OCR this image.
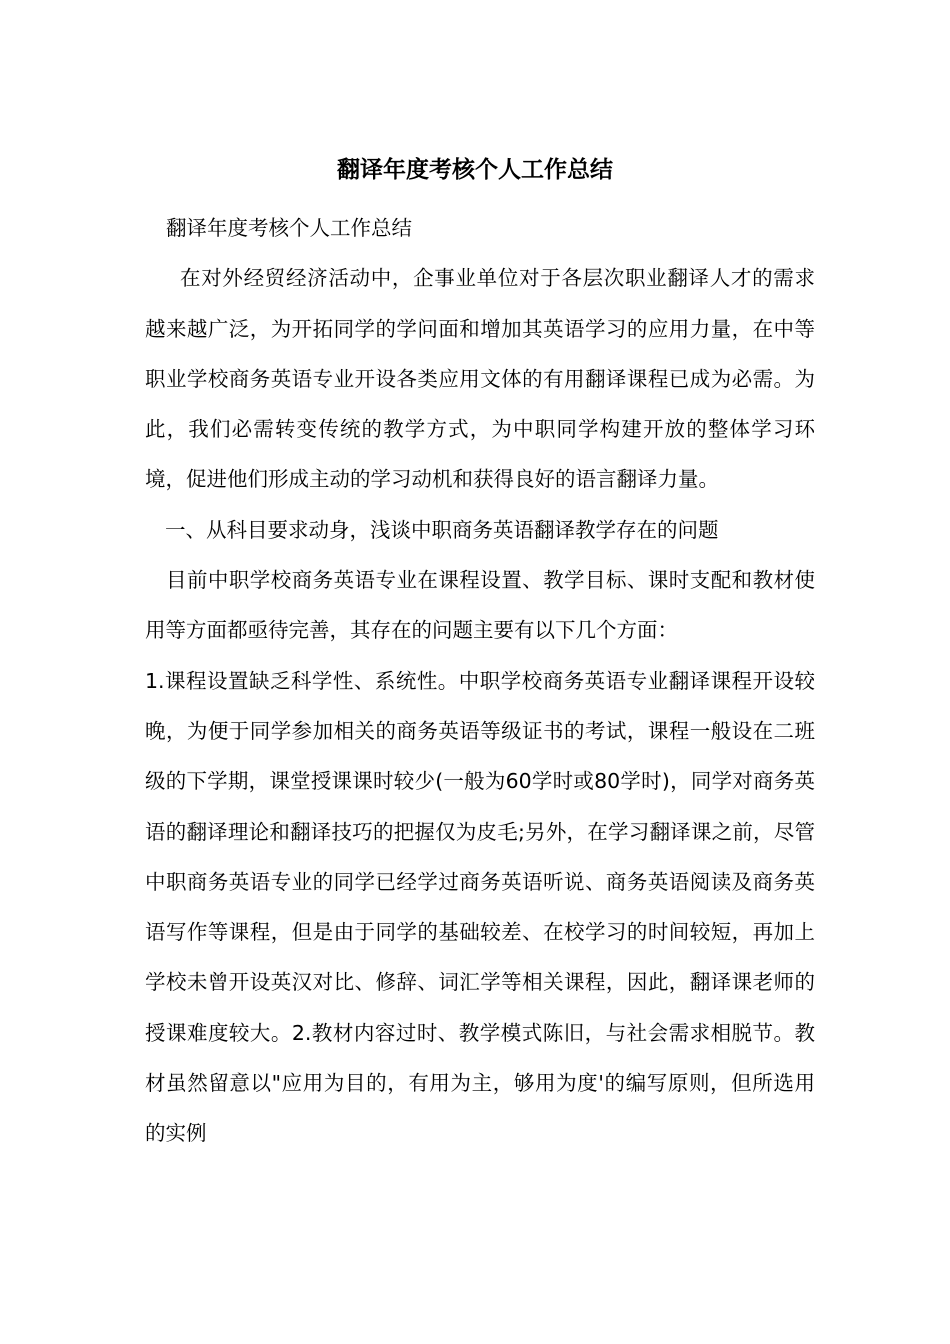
翻译年度考核个人工作总结

翻译年度考核个人工作总结

在对外经贸经济活动中，企事业单位对于各层次职业翻译人才的需求越来越广泛，为开拓同学的学问面和增加其英语学习的应用力量，在中等职业学校商务英语专业开设各类应用文体的有用翻译课程已成为必需。为此，我们必需转变传统的教学方式，为中职同学构建开放的整体学习环境，促进他们形成主动的学习动机和获得良好的语言翻译力量。

一、从科目要求动身，浅谈中职商务英语翻译教学存在的问题

目前中职学校商务英语专业在课程设置、教学目标、课时支配和教材使用等方面都亟待完善，其存在的问题主要有以下几个方面：

1.课程设置缺乏科学性、系统性。中职学校商务英语专业翻译课程开设较晚，为便于同学参加相关的商务英语等级证书的考试，课程一般设在二班级的下学期，课堂授课课时较少(一般为60学时或80学时)，同学对商务英语的翻译理论和翻译技巧的把握仅为皮毛;另外，在学习翻译课之前，尽管中职商务英语专业的同学已经学过商务英语听说、商务英语阅读及商务英语写作等课程，但是由于同学的基础较差、在校学习的时间较短，再加上学校未曾开设英汉对比、修辞、词汇学等相关课程，因此，翻译课老师的授课难度较大。2.教材内容过时、教学模式陈旧，与社会需求相脱节。教材虽然留意以"应用为目的，有用为主，够用为度'的编写原则，但所选用的实例
